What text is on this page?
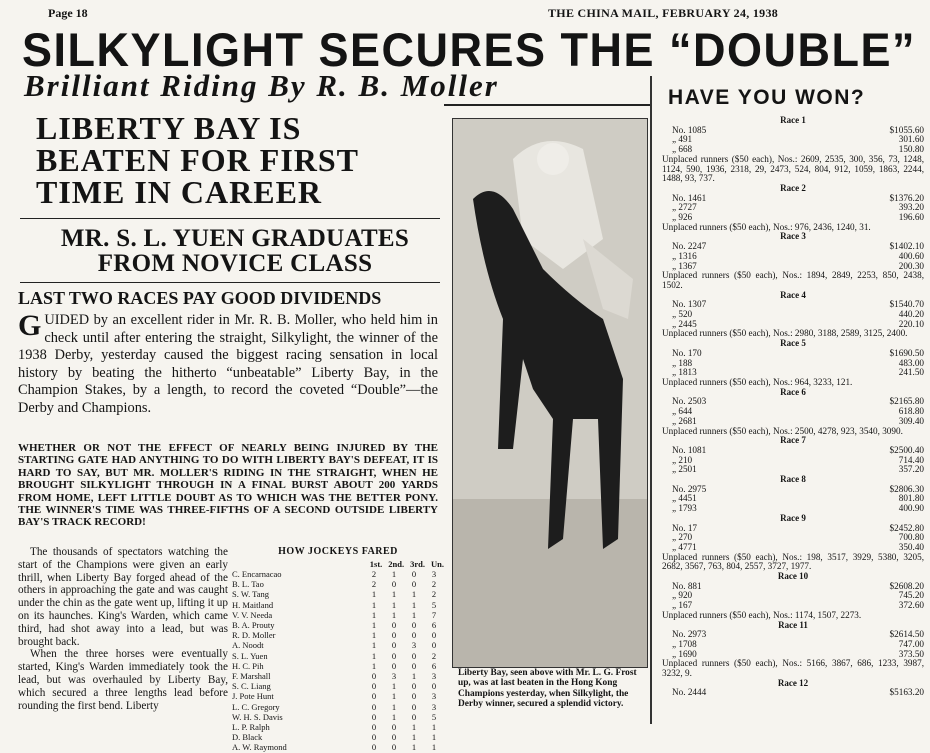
Page 18	THE CHINA MAIL, FEBRUARY 24, 1938
SILKYLIGHT SECURES THE “DOUBLE”
Brilliant Riding By R. B. Moller
LIBERTY BAY IS BEATEN FOR FIRST TIME IN CAREER
MR. S. L. YUEN GRADUATES FROM NOVICE CLASS
LAST TWO RACES PAY GOOD DIVIDENDS
GUIDED by an excellent rider in Mr. R. B. Moller, who held him in check until after entering the straight, Silkylight, the winner of the 1938 Derby, yesterday caused the biggest racing sensation in local history by beating the hitherto “unbeatable” Liberty Bay, in the Champion Stakes, by a length, to record the coveted “Double”—the Derby and Champions.
WHETHER OR NOT THE EFFECT OF NEARLY BEING INJURED BY THE STARTING GATE HAD ANYTHING TO DO WITH LIBERTY BAY'S DEFEAT, IT IS HARD TO SAY, BUT MR. MOLLER'S RIDING IN THE STRAIGHT, WHEN HE BROUGHT SILKYLIGHT THROUGH IN A FINAL BURST ABOUT 200 YARDS FROM HOME, LEFT LITTLE DOUBT AS TO WHICH WAS THE BETTER PONY. THE WINNER'S TIME WAS THREE-FIFTHS OF A SECOND OUTSIDE LIBERTY BAY'S TRACK RECORD!
The thousands of spectators watching the start of the Champions were given an early thrill, when Liberty Bay forged ahead of the others in approaching the gate and was caught under the chin as the gate went up, lifting it up on its haunches. King's Warden, which came third, had shot away into a lead, but was brought back.
When the three horses were eventually started, King's Warden immediately took the lead, but was overhauled by Liberty Bay, which secured a three lengths lead before rounding the first bend. Liberty
HOW JOCKEYS FARED
1st. 2nd. 3rd. Un.
C. Encarnacao	2	1	0	3
B. L. Tao	2	0	0	2
S. W. Tang	1	1	1	2
H. Maitland	1	1	1	5
V. V. Needa	1	1	1	7
B. A. Prouty	1	0	0	6
R. D. Moller	1	0	0	0
A. Noodt	1	0	3	0
S. L. Yuen	1	0	0	2
H. C. Pih	1	0	0	6
F. Marshall	0	3	1	3
S. C. Liang	0	1	0	0
J. Pote Hunt	0	1	0	3
L. C. Gregory	0	1	0	3
W. H. S. Davis	0	1	0	5
L. P. Ralph	0	0	1	1
D. Black	0	0	1	1
A. W. Raymond	0	0	1	1
Liberty Bay, seen above with Mr. L. G. Frost up, was at last beaten in the Hong Kong Champions yesterday, when Silkylight, the Derby winner, secured a splendid victory.
HAVE YOU WON?
Race 1
No. 1085	$1055.60
„ 491	301.60
„ 668	150.80
Unplaced runners ($50 each), Nos.: 2609, 2535, 300, 356, 73, 1248, 1124, 590, 1936, 2318, 29, 2473, 524, 804, 912, 1059, 1863, 2244, 1488, 93, 737.
Race 2
No. 1461	$1376.20
„ 2727	393.20
„ 926	196.60
Unplaced runners ($50 each), Nos.: 976, 2436, 1240, 31.
Race 3
No. 2247	$1402.10
„ 1316	400.60
„ 1367	200.30
Unplaced runners ($50 each), Nos.: 1894, 2849, 2253, 850, 2438, 1502.
Race 4
No. 1307	$1540.70
„ 520	440.20
„ 2445	220.10
Unplaced runners ($50 each), Nos.: 2980, 3188, 2589, 3125, 2400.
Race 5
No. 170	$1690.50
„ 188	483.00
„ 1813	241.50
Unplaced runners ($50 each), Nos.: 964, 3233, 121.
Race 6
No. 2503	$2165.80
„ 644	618.80
„ 2681	309.40
Unplaced runners ($50 each), Nos.: 2500, 4278, 923, 3540, 3090.
Race 7
No. 1081	$2500.40
„ 210	714.40
„ 2501	357.20
Race 8
No. 2975	$2806.30
„ 4451	801.80
„ 1793	400.90
Race 9
No. 17	$2452.80
„ 270	700.80
„ 4771	350.40
Unplaced runners ($50 each), Nos.: 198, 3517, 3929, 5380, 3205, 2682, 3567, 763, 804, 2557, 3727, 1977.
Race 10
No. 881	$2608.20
„ 920	745.20
„ 167	372.60
Unplaced runners ($50 each), Nos.: 1174, 1507, 2273.
Race 11
No. 2973	$2614.50
„ 1708	747.00
„ 1690	373.50
Unplaced runners ($50 each), Nos.: 5166, 3867, 686, 1233, 3987, 3232, 9.
Race 12
No. 2444	$5163.20
